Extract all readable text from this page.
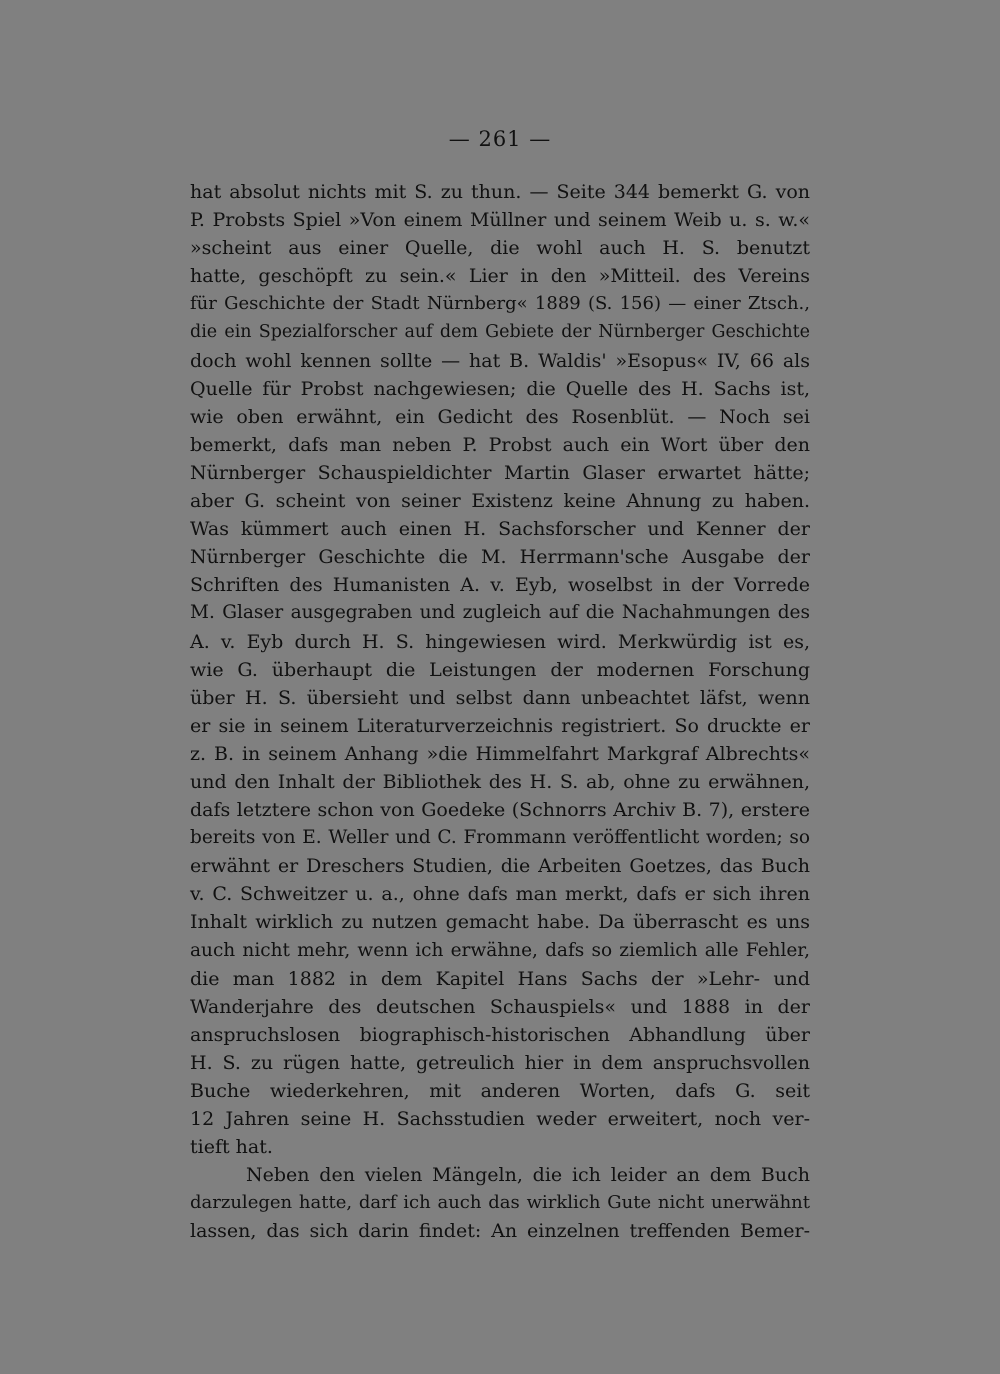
— 261 —
hat absolut nichts mit S. zu thun. — Seite 344 bemerkt G. von
P. Probsts Spiel »Von einem Müllner und seinem Weib u. s. w.«
»scheint aus einer Quelle, die wohl auch H. S. benutzt
hatte, geschöpft zu sein.« Lier in den »Mitteil. des Vereins
für Geschichte der Stadt Nürnberg« 1889 (S. 156) — einer Ztsch.,
die ein Spezialforscher auf dem Gebiete der Nürnberger Geschichte
doch wohl kennen sollte — hat B. Waldis' »Esopus« IV, 66 als
Quelle für Probst nachgewiesen; die Quelle des H. Sachs ist,
wie oben erwähnt, ein Gedicht des Rosenblüt. — Noch sei
bemerkt, dafs man neben P. Probst auch ein Wort über den
Nürnberger Schauspieldichter Martin Glaser erwartet hätte;
aber G. scheint von seiner Existenz keine Ahnung zu haben.
Was kümmert auch einen H. Sachsforscher und Kenner der
Nürnberger Geschichte die M. Herrmann'sche Ausgabe der
Schriften des Humanisten A. v. Eyb, woselbst in der Vorrede
M. Glaser ausgegraben und zugleich auf die Nachahmungen des
A. v. Eyb durch H. S. hingewiesen wird. Merkwürdig ist es,
wie G. überhaupt die Leistungen der modernen Forschung
über H. S. übersieht und selbst dann unbeachtet läfst, wenn
er sie in seinem Literaturverzeichnis registriert. So druckte er
z. B. in seinem Anhang »die Himmelfahrt Markgraf Albrechts«
und den Inhalt der Bibliothek des H. S. ab, ohne zu erwähnen,
dafs letztere schon von Goedeke (Schnorrs Archiv B. 7), erstere
bereits von E. Weller und C. Frommann veröffentlicht worden; so
erwähnt er Dreschers Studien, die Arbeiten Goetzes, das Buch
v. C. Schweitzer u. a., ohne dafs man merkt, dafs er sich ihren
Inhalt wirklich zu nutzen gemacht habe. Da überrascht es uns
auch nicht mehr, wenn ich erwähne, dafs so ziemlich alle Fehler,
die man 1882 in dem Kapitel Hans Sachs der »Lehr- und
Wanderjahre des deutschen Schauspiels« und 1888 in der
anspruchslosen biographisch-historischen Abhandlung über
H. S. zu rügen hatte, getreulich hier in dem anspruchsvollen
Buche wiederkehren, mit anderen Worten, dafs G. seit
12 Jahren seine H. Sachsstudien weder erweitert, noch ver-
tieft hat.
Neben den vielen Mängeln, die ich leider an dem Buch
darzulegen hatte, darf ich auch das wirklich Gute nicht unerwähnt
lassen, das sich darin findet: An einzelnen treffenden Bemer-
